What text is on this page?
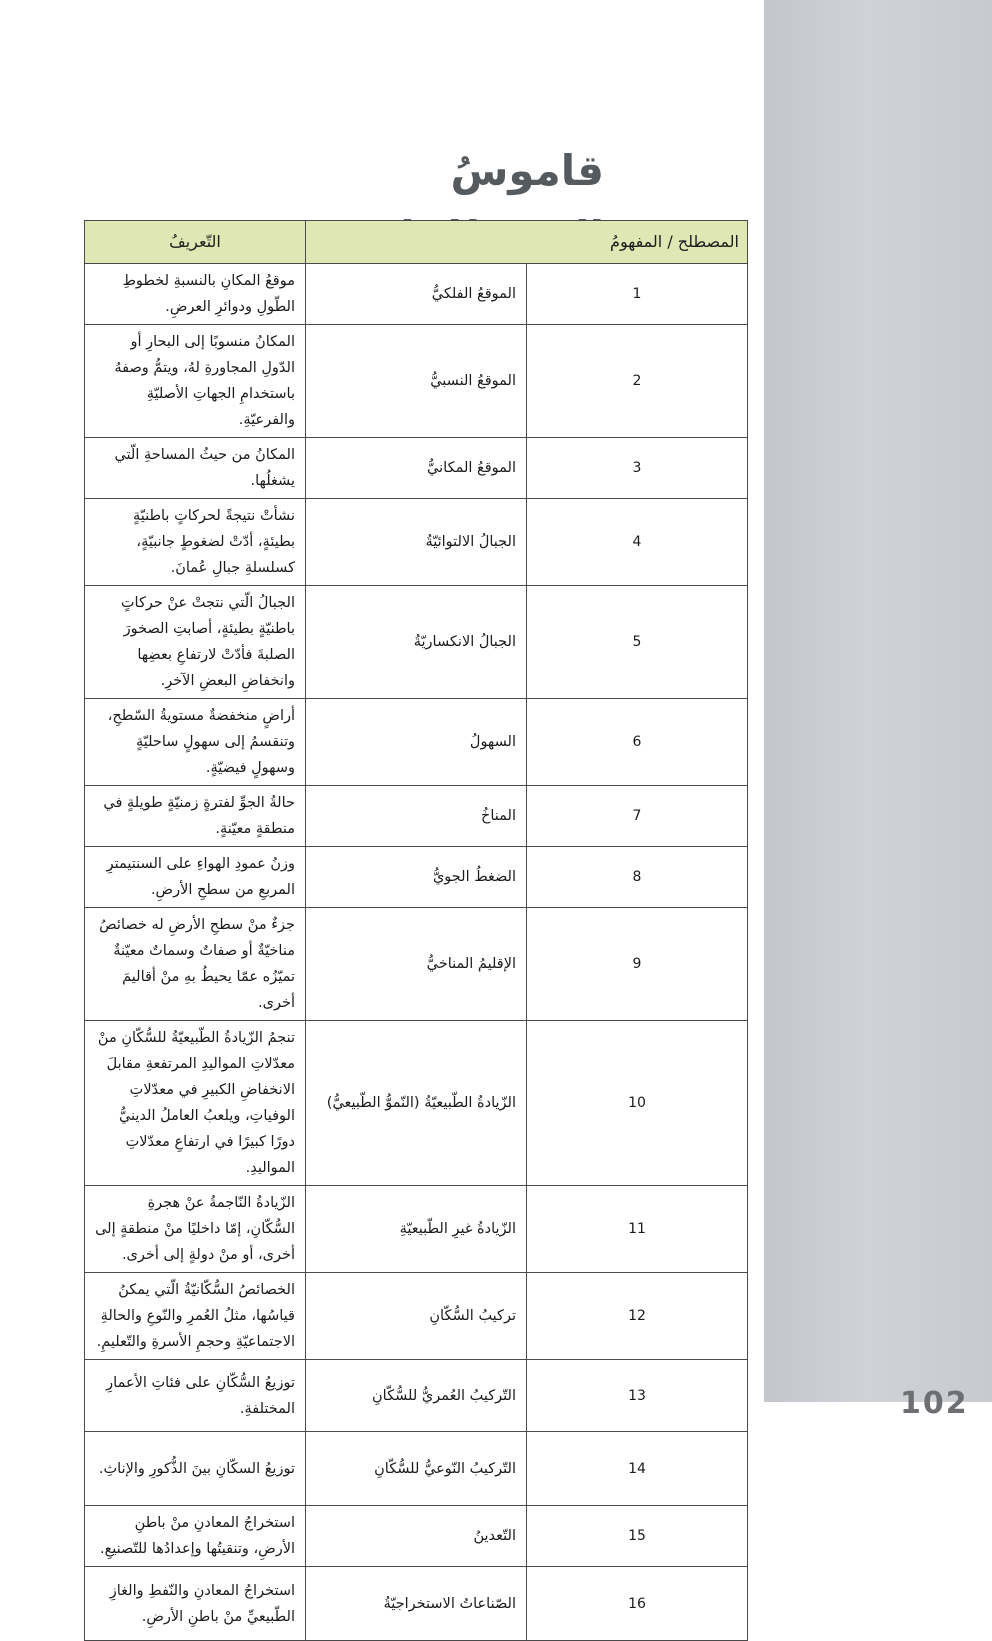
102
قاموسُ
المصطلح / المفهومُ		التّعريفُ
1	الموقعُ الفلكيُّ	موقعُ المكانِ بالنسبةِ لخطوطِ الطّولِ ودوائرِ العرضِ.
2	الموقعُ النسبيُّ	المكانُ منسوبًا إلى البحارِ أو الدّولِ المجاورةِ لهُ، ويتمُّ وصفهُ باستخدامِ الجهاتِ الأصليّةِ والفرعيّةِ.
3	الموقعُ المكانيُّ	المكانُ من حيثُ المساحةِ الّتي يشغلُها.
4	الجبالُ الالتوائيّةُ	نشأتْ نتيجةً لحركاتٍ باطنيّةٍ بطيئةٍ، أدّتْ لضغوطٍ جانبيّةٍ، كسلسلةِ جبالِ عُمانَ.
5	الجبالُ الانكساريّةُ	الجبالُ الّتي نتجتْ عنْ حركاتٍ باطنيّةٍ بطيئةٍ، أصابتِ الصخورَ الصلبةَ فأدّتْ لارتفاعِ بعضِها وانخفاضِ البعضِ الآخرِ.
6	السهولُ	أراضٍ منخفضةٌ مستويةُ السّطحِ، وتنقسمُ إلى سهولٍ ساحليّةٍ وسهولٍ فيضيّةٍ.
7	المناخُ	حالةُ الجوِّ لفترةٍ زمنيّةٍ طويلةٍ في منطقةٍ معيّنةٍ.
8	الضغطُ الجويُّ	وزنُ عمودِ الهواءِ على السنتيمترِ المربعِ من سطحِ الأرضِ.
9	الإقليمُ المناخيُّ	جزءٌ منْ سطحِ الأرضِ له خصائصُ مناخيّةٌ أو صفاتٌ وسماتٌ معيّنةٌ تميّزُه عمّا يحيطُ بهِ منْ أقاليمَ أخرى.
10	الزّيادةُ الطّبيعيّةُ (النّموُّ الطّبيعيُّ)	تنجمُ الزّيادةُ الطّبيعيّةُ للسُّكّانِ منْ معدّلاتِ المواليدِ المرتفعةِ مقابلَ الانخفاضِ الكبيرِ في معدّلاتِ الوفياتِ، ويلعبُ العاملُ الدينيُّ دورًا كبيرًا في ارتفاعِ معدّلاتِ المواليدِ.
11	الزّيادةُ غيرِ الطّبيعيّةِ	الزّيادةُ النّاجمةُ عنْ هجرةِ السُّكّانِ، إمّا داخليًا منْ منطقةٍ إلى أخرى، أو منْ دولةٍ إلى أخرى.
12	تركيبُ السُّكّانِ	الخصائصُ السُّكّانيّةُ الّتي يمكنُ قياسُها، مثلُ العُمرِ والنّوعِ والحالةِ الاجتماعيّةِ وحجمِ الأسرةِ والتّعليمِ.
13	التّركيبُ العُمريُّ للسُّكّانِ	توزيعُ السُّكّانِ على فئاتِ الأعمارِ المختلفةِ.
14	التّركيبُ النّوعيُّ للسُّكّانِ	توزيعُ السكّانِ بينَ الذُّكورِ والإناثِ.
15	التّعدينُ	استخراجُ المعادنِ منْ باطنِ الأرضِ، وتنقيتُها وإعدادُها للتّصنيعِ.
16	الصّناعاتُ الاستخراجيّةُ	استخراجُ المعادنِ والنّفطِ والغازِ الطّبيعيِّ منْ باطنِ الأرضِ.
